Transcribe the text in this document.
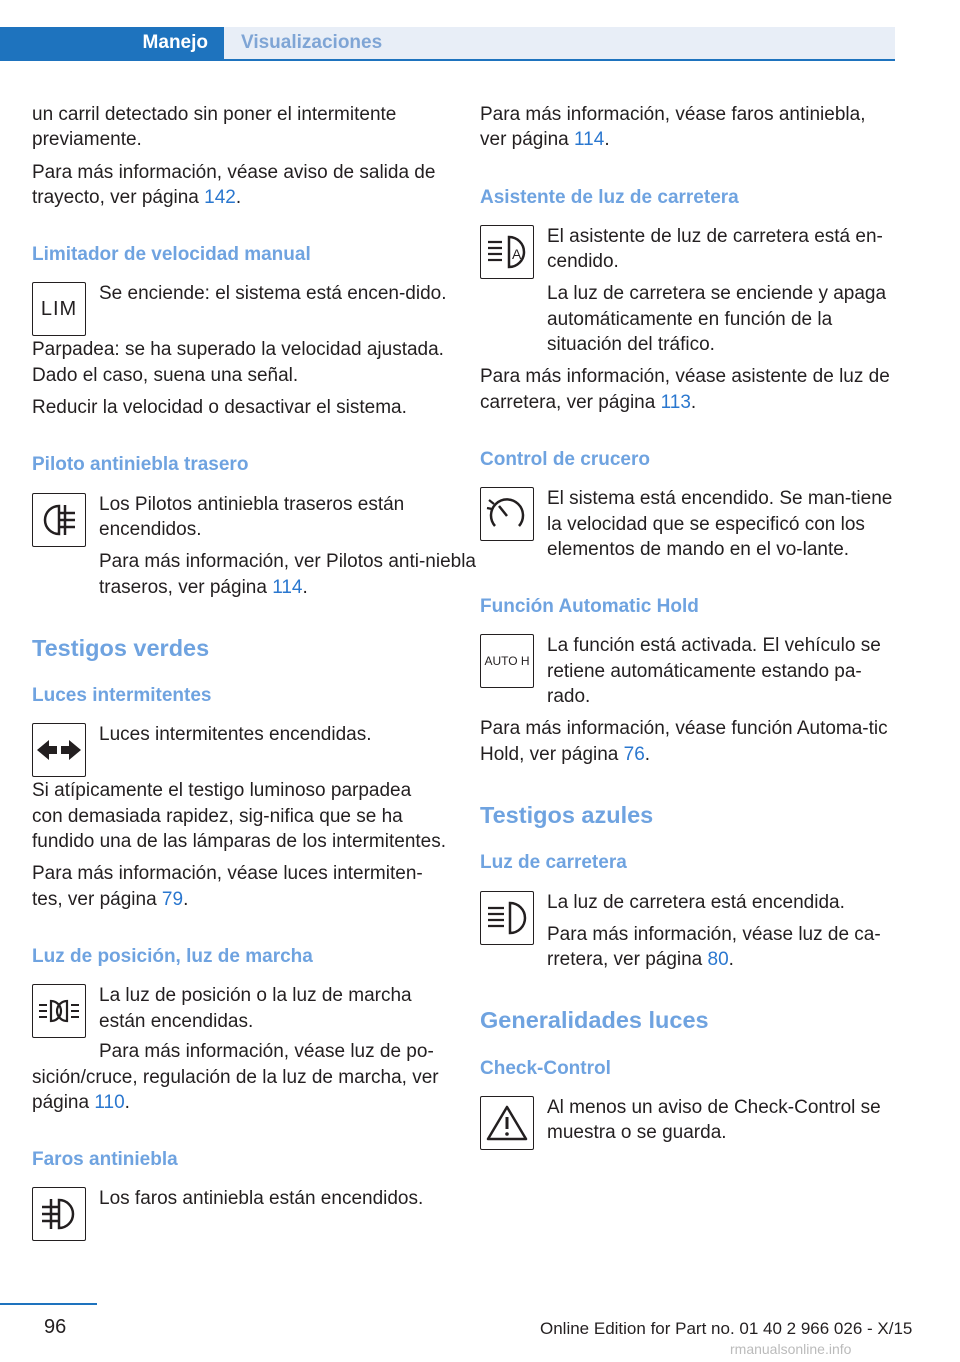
Manejo Visualizaciones

un carril detectado sin poner el intermitente previamente.

Para más información, véase aviso de salida de trayecto, ver página 142.

Limitador de velocidad manual
LIM

Se enciende: el sistema está encen-dido.

Parpadea: se ha superado la velocidad ajustada. Dado el caso, suena una señal.

Reducir la velocidad o desactivar el sistema.

Piloto antiniebla trasero

Los Pilotos antiniebla traseros están encendidos.

Para más información, ver Pilotos anti-niebla traseros, ver página 114.

Testigos verdes
Luces intermitentes

Luces intermitentes encendidas.

Si atípicamente el testigo luminoso parpadea con demasiada rapidez, sig-nifica que se ha fundido una de las lámparas de los intermitentes.

Para más información, véase luces intermiten-tes, ver página 79.

Luz de posición, luz de marcha

La luz de posición o la luz de marcha están encendidas.

Para más información, véase luz de po-sición/cruce, regulación de la luz de marcha, ver página 110.

Faros antiniebla

Los faros antiniebla están encendidos.

Para más información, véase faros antiniebla, ver página 114.

Asistente de luz de carretera
A

El asistente de luz de carretera está en-cendido.

La luz de carretera se enciende y apaga automáticamente en función de la situación del tráfico.

Para más información, véase asistente de luz de carretera, ver página 113.

Control de crucero

El sistema está encendido. Se man-tiene la velocidad que se especificó con los elementos de mando en el vo-lante.

Función Automatic Hold
AUTO H

La función está activada. El vehículo se retiene automáticamente estando pa-rado.

Para más información, véase función Automa-tic Hold, ver página 76.

Testigos azules
Luz de carretera

La luz de carretera está encendida.

Para más información, véase luz de ca-rretera, ver página 80.

Generalidades luces
Check-Control

Al menos un aviso de Check-Control se muestra o se guarda.

96	Online Edition for Part no. 01 40 2 966 026 - X/15
rmanualsonline.info
